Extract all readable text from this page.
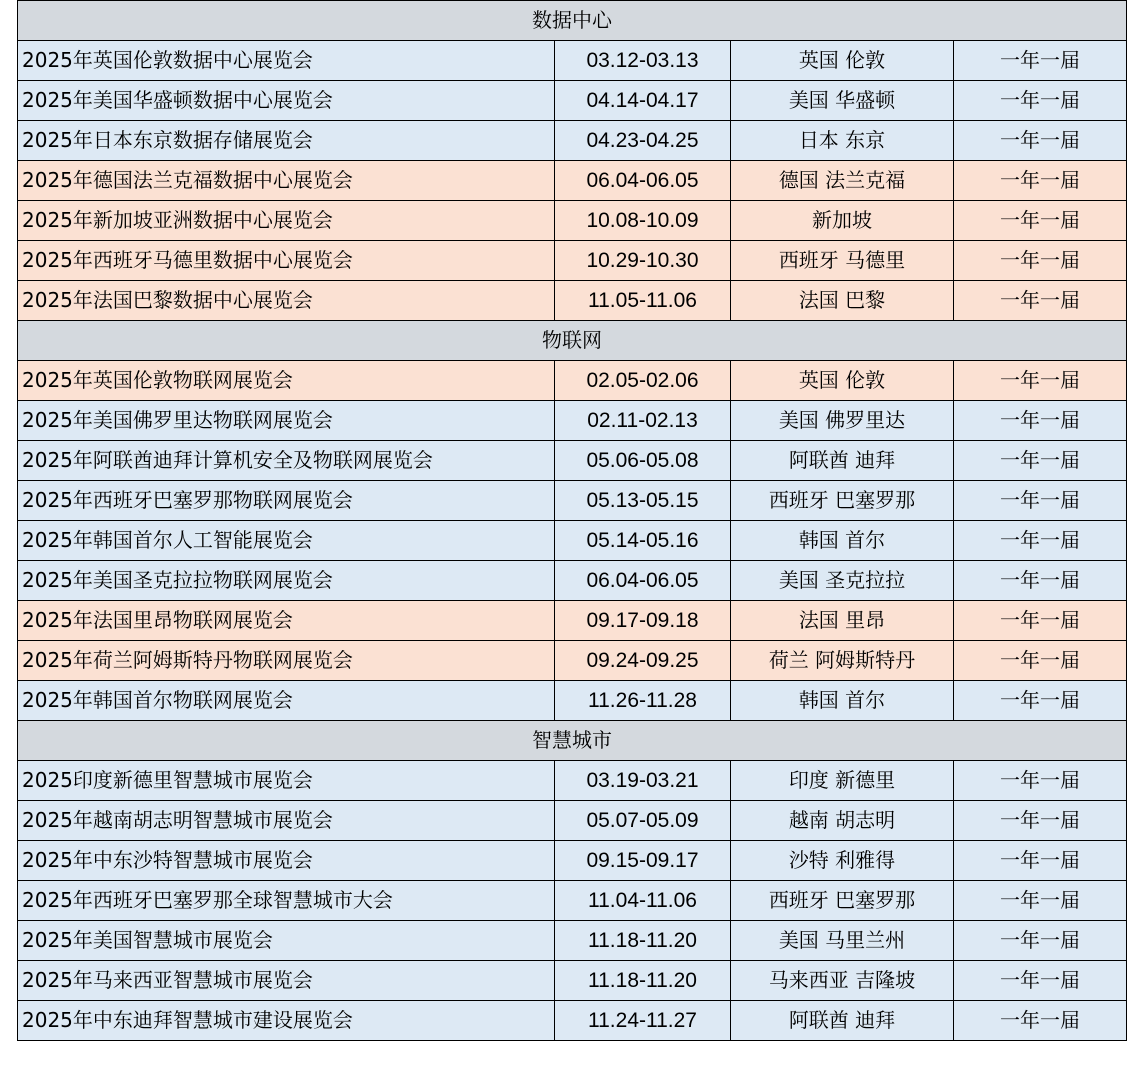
数据中心			
2025年英国伦敦数据中心展览会	03.12-03.13	英国 伦敦	一年一届
2025年美国华盛顿数据中心展览会	04.14-04.17	美国 华盛顿	一年一届
2025年日本东京数据存储展览会	04.23-04.25	日本 东京	一年一届
2025年德国法兰克福数据中心展览会	06.04-06.05	德国 法兰克福	一年一届
2025年新加坡亚洲数据中心展览会	10.08-10.09	新加坡	一年一届
2025年西班牙马德里数据中心展览会	10.29-10.30	西班牙 马德里	一年一届
2025年法国巴黎数据中心展览会	11.05-11.06	法国 巴黎	一年一届
物联网			
2025年英国伦敦物联网展览会	02.05-02.06	英国 伦敦	一年一届
2025年美国佛罗里达物联网展览会	02.11-02.13	美国 佛罗里达	一年一届
2025年阿联酋迪拜计算机安全及物联网展览会	05.06-05.08	阿联酋 迪拜	一年一届
2025年西班牙巴塞罗那物联网展览会	05.13-05.15	西班牙 巴塞罗那	一年一届
2025年韩国首尔人工智能展览会	05.14-05.16	韩国 首尔	一年一届
2025年美国圣克拉拉物联网展览会	06.04-06.05	美国 圣克拉拉	一年一届
2025年法国里昂物联网展览会	09.17-09.18	法国 里昂	一年一届
2025年荷兰阿姆斯特丹物联网展览会	09.24-09.25	荷兰 阿姆斯特丹	一年一届
2025年韩国首尔物联网展览会	11.26-11.28	韩国 首尔	一年一届
智慧城市			
2025印度新德里智慧城市展览会	03.19-03.21	印度 新德里	一年一届
2025年越南胡志明智慧城市展览会	05.07-05.09	越南 胡志明	一年一届
2025年中东沙特智慧城市展览会	09.15-09.17	沙特 利雅得	一年一届
2025年西班牙巴塞罗那全球智慧城市大会	11.04-11.06	西班牙 巴塞罗那	一年一届
2025年美国智慧城市展览会	11.18-11.20	美国 马里兰州	一年一届
2025年马来西亚智慧城市展览会	11.18-11.20	马来西亚 吉隆坡	一年一届
2025年中东迪拜智慧城市建设展览会	11.24-11.27	阿联酋 迪拜	一年一届
